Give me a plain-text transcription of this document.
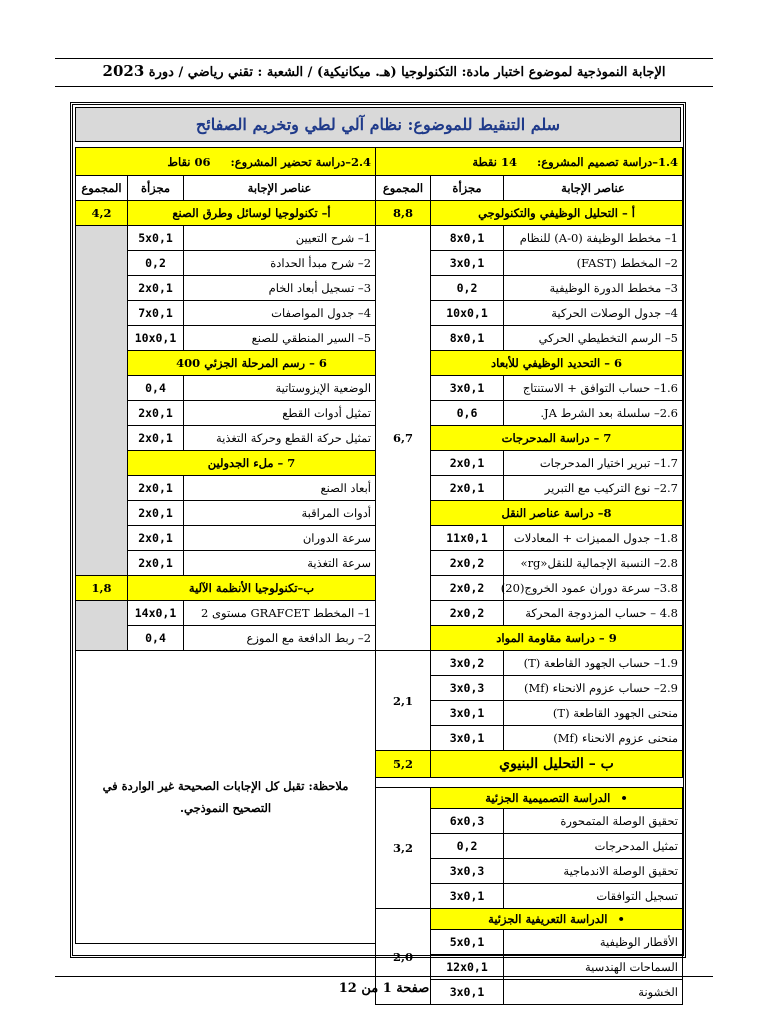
الإجابة النموذجية لموضوع اختبار مادة: التكنولوجيا (هـ. ميكانيكية) / الشعبة : تقني رياضي / دورة 2023
سلم التنقيط للموضوع: نظام آلي لطي وتخريم الصفائح
1.4–دراسة تصميم المشروع:     14 نقطة		
عناصر الإجابة	مجزأة	المجموع
أ – التحليل الوظيفي والتكنولوجي		8,8
1– مخطط الوظيفة (A-0) للنظام	8x0,1	6,7
2– المخطط (FAST)	3x0,1	
3– مخطط الدورة الوظيفية	0,2	
4– جدول الوصلات الحركية	10x0,1	
5– الرسم التخطيطي الحركي	8x0,1	
6 – التحديد الوظيفي للأبعاد		
1.6– حساب التوافق + الاستنتاج	3x0,1	
2.6– سلسلة بعد الشرط JA.	0,6	
7 – دراسة المدحرجات		
1.7– تبرير اختيار المدحرجات	2x0,1	
2.7– نوع التركيب مع التبرير	2x0,1	
8– دراسة عناصر النقل		
1.8– جدول المميزات + المعادلات	11x0,1	
2.8– النسبة الإجمالية للنقل«rg»	2x0,2	
3.8– سرعة دوران عمود الخروج(20)	2x0,2	
4.8 – حساب المزدوجة المحركة	2x0,2	
9 – دراسة مقاومة المواد		
1.9– حساب الجهود القاطعة (T)	3x0,2	2,1
2.9– حساب عزوم الانحناء (Mf)	3x0,3	
منحنى الجهود القاطعة (T)	3x0,1	
منحنى عزوم الانحناء (Mf)	3x0,1	
ب – التحليل البنيوي		5,2
• الدراسة التصميمية الجزئية		3,2
تحقيق الوصلة المتمحورة	6x0,3	
تمثيل المدحرجات	0,2	
تحقيق الوصلة الاندماجية	3x0,3	
تسجيل التوافقات	3x0,1	
• الدراسة التعريفية الجزئية		2,0
الأقطار الوظيفية	5x0,1	
السماحات الهندسية	12x0,1	
الخشونة	3x0,1	
2.4–دراسة تحضير المشروع:     06 نقاط		
عناصر الإجابة	مجزأة	المجموع
أ– تكنولوجيا لوسائل وطرق الصنع		4,2
1– شرح التعيين	5x0,1	
2– شرح مبدأ الحدادة	0,2	
3– تسجيل أبعاد الخام	2x0,1	
4– جدول المواصفات	7x0,1	
5– السير المنطقي للصنع	10x0,1	
6 – رسم المرحلة الجزئي 400		
الوضعية الإيزوستاتية	0,4	
تمثيل أدوات القطع	2x0,1	
تمثيل حركة القطع وحركة التغذية	2x0,1	
7 – ملء الجدولين		
أبعاد الصنع	2x0,1	
أدوات المراقبة	2x0,1	
سرعة الدوران	2x0,1	
سرعة التغذية	2x0,1	
ب–تكنولوجيا الأنظمة الآلية		1,8
1– المخطط GRAFCET مستوى 2	14x0,1	
2– ربط الدافعة مع الموزع	0,4	
ملاحظة: تقبل كل الإجابات الصحيحة غير الواردة في التصحيح النموذجي.		
صفحة 1 من 12
